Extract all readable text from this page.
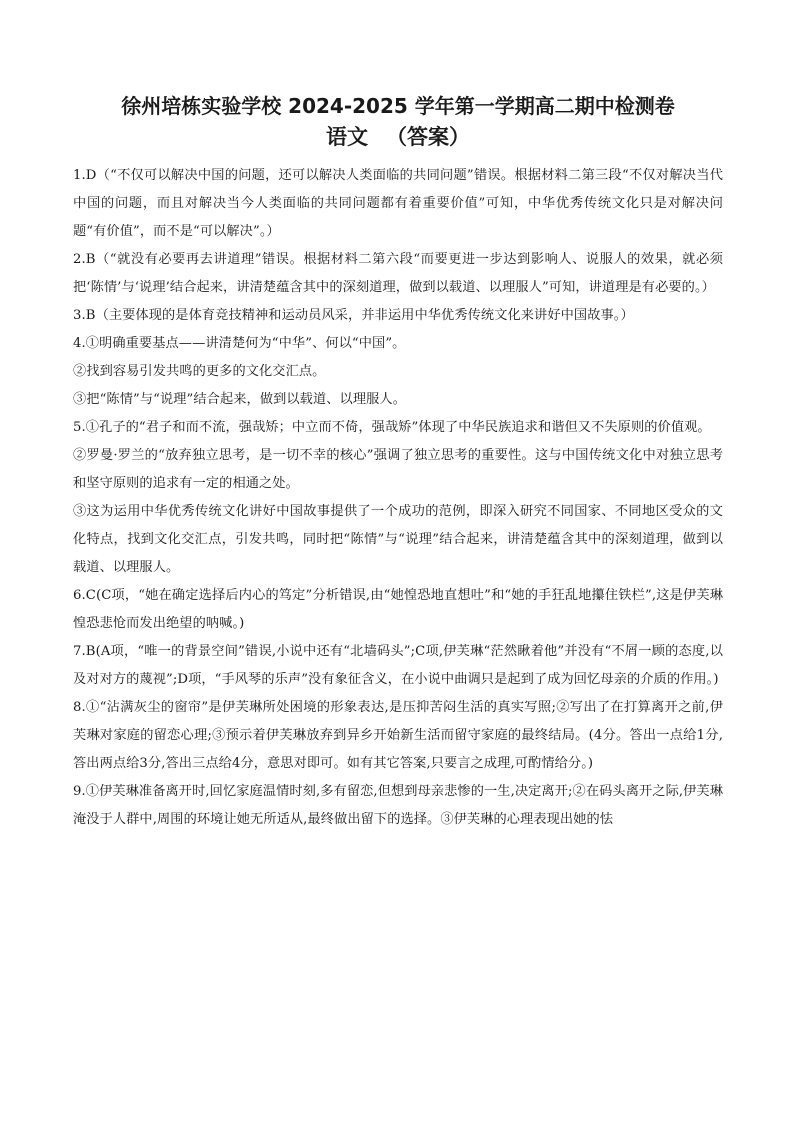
徐州培栋实验学校 2024-2025 学年第一学期高二期中检测卷
语文 （答案）

1.D（“不仅可以解决中国的问题，还可以解决人类面临的共同问题”错误。根据材料二第三段“不仅对解决当代中国的问题，而且对解决当今人类面临的共同问题都有着重要价值”可知，中华优秀传统文化只是对解决问题“有价值”，而不是“可以解决”。）

2.B（“就没有必要再去讲道理”错误。根据材料二第六段“而要更进一步达到影响人、说服人的效果，就必须把‘陈情’与‘说理’结合起来，讲清楚蕴含其中的深刻道理，做到以载道、以理服人”可知，讲道理是有必要的。）

3.B（主要体现的是体育竞技精神和运动员风采，并非运用中华优秀传统文化来讲好中国故事。）

4.①明确重要基点——讲清楚何为“中华”、何以“中国”。

②找到容易引发共鸣的更多的文化交汇点。

③把“陈情”与“说理”结合起来，做到以载道、以理服人。

5.①孔子的“君子和而不流，强哉矫；中立而不倚，强哉矫”体现了中华民族追求和谐但又不失原则的价值观。

②罗曼·罗兰的“放弃独立思考，是一切不幸的核心”强调了独立思考的重要性。这与中国传统文化中对独立思考和坚守原则的追求有一定的相通之处。

③这为运用中华优秀传统文化讲好中国故事提供了一个成功的范例，即深入研究不同国家、不同地区受众的文化特点，找到文化交汇点，引发共鸣，同时把“陈情”与“说理”结合起来，讲清楚蕴含其中的深刻道理，做到以载道、以理服人。

6.C(C项，“她在确定选择后内心的笃定”分析错误,由“她惶恐地直想吐”和“她的手狂乱地攥住铁栏”,这是伊芙琳惶恐悲怆而发出绝望的呐喊。)

7.B(A项，“唯一的背景空间”错误,小说中还有“北墙码头”;C项,伊芙琳“茫然瞅着他”并没有“不屑一顾的态度,以及对对方的蔑视”;D项，“手风琴的乐声”没有象征含义，在小说中曲调只是起到了成为回忆母亲的介质的作用。)

8.①“沾满灰尘的窗帘”是伊芙琳所处困境的形象表达,是压抑苦闷生活的真实写照;②写出了在打算离开之前,伊芙琳对家庭的留恋心理;③预示着伊芙琳放弃到异乡开始新生活而留守家庭的最终结局。(4分。答出一点给1分,答出两点给3分,答出三点给4分，意思对即可。如有其它答案,只要言之成理,可酌情给分。)

9.①伊芙琳准备离开时,回忆家庭温情时刻,多有留恋,但想到母亲悲惨的一生,决定离开;②在码头离开之际,伊芙琳淹没于人群中,周围的环境让她无所适从,最终做出留下的选择。③伊芙琳的心理表现出她的怯
